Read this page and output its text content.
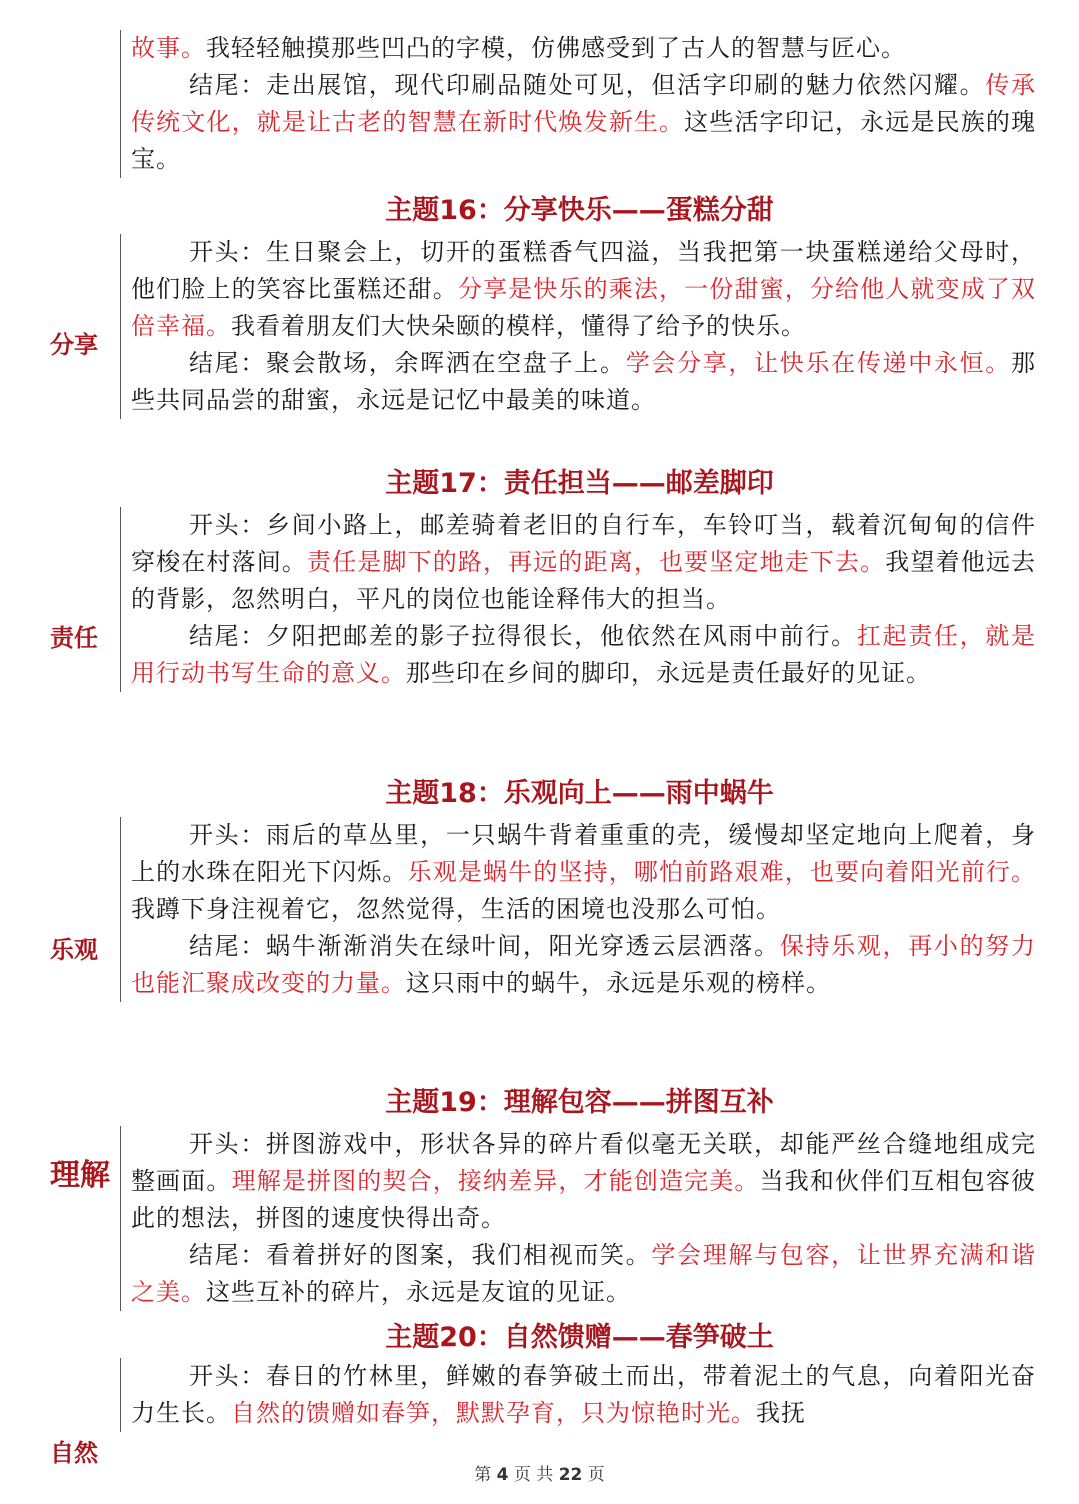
故事。我轻轻触摸那些凹凸的字模，仿佛感受到了古人的智慧与匠心。

结尾：走出展馆，现代印刷品随处可见，但活字印刷的魅力依然闪耀。传承传统文化，就是让古老的智慧在新时代焕发新生。这些活字印记，永远是民族的瑰宝。

主题16：分享快乐——蛋糕分甜
分享

开头：生日聚会上，切开的蛋糕香气四溢，当我把第一块蛋糕递给父母时，他们脸上的笑容比蛋糕还甜。分享是快乐的乘法，一份甜蜜，分给他人就变成了双倍幸福。我看着朋友们大快朵颐的模样，懂得了给予的快乐。

结尾：聚会散场，余晖洒在空盘子上。学会分享，让快乐在传递中永恒。那些共同品尝的甜蜜，永远是记忆中最美的味道。

主题17：责任担当——邮差脚印
责任

开头：乡间小路上，邮差骑着老旧的自行车，车铃叮当，载着沉甸甸的信件穿梭在村落间。责任是脚下的路，再远的距离，也要坚定地走下去。我望着他远去的背影，忽然明白，平凡的岗位也能诠释伟大的担当。

结尾：夕阳把邮差的影子拉得很长，他依然在风雨中前行。扛起责任，就是用行动书写生命的意义。那些印在乡间的脚印，永远是责任最好的见证。

主题18：乐观向上——雨中蜗牛
乐观

开头：雨后的草丛里，一只蜗牛背着重重的壳，缓慢却坚定地向上爬着，身上的水珠在阳光下闪烁。乐观是蜗牛的坚持，哪怕前路艰难，也要向着阳光前行。我蹲下身注视着它，忽然觉得，生活的困境也没那么可怕。

结尾：蜗牛渐渐消失在绿叶间，阳光穿透云层洒落。保持乐观，再小的努力也能汇聚成改变的力量。这只雨中的蜗牛，永远是乐观的榜样。

主题19：理解包容——拼图互补
理解

开头：拼图游戏中，形状各异的碎片看似毫无关联，却能严丝合缝地组成完整画面。理解是拼图的契合，接纳差异，才能创造完美。当我和伙伴们互相包容彼此的想法，拼图的速度快得出奇。

结尾：看着拼好的图案，我们相视而笑。学会理解与包容，让世界充满和谐之美。这些互补的碎片，永远是友谊的见证。

主题20：自然馈赠——春笋破土
自然

开头：春日的竹林里，鲜嫩的春笋破土而出，带着泥土的气息，向着阳光奋力生长。自然的馈赠如春笋，默默孕育，只为惊艳时光。我抚

第 4 页 共 22 页
